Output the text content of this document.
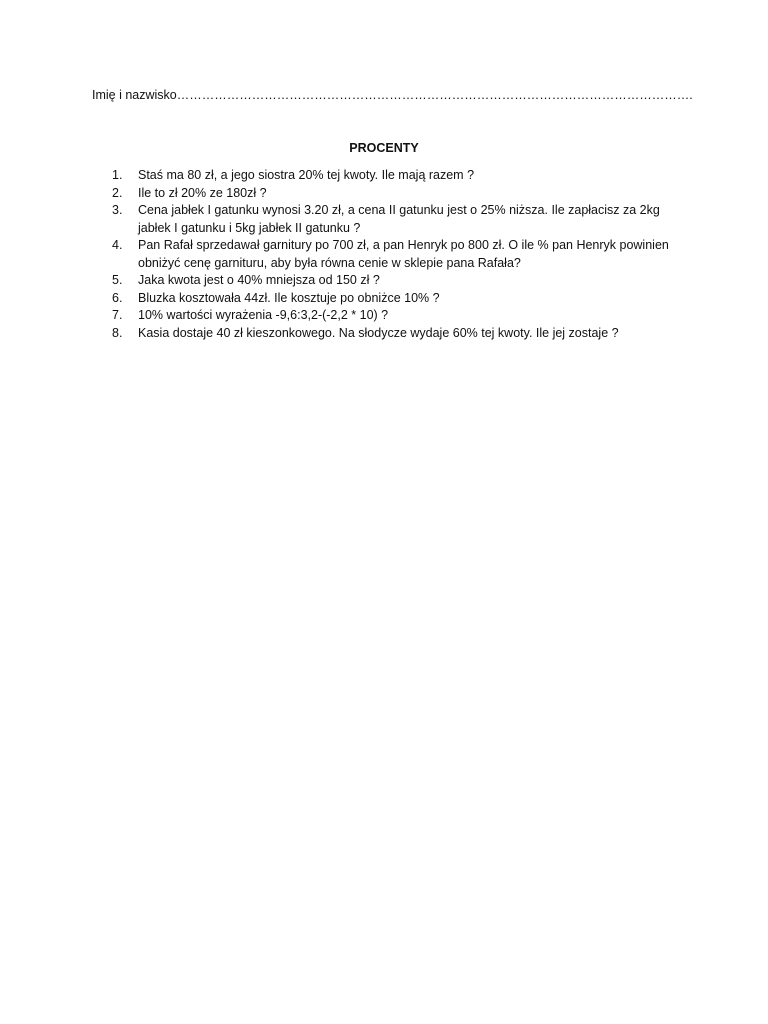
Imię i nazwisko…………………………………………………………………………………………………………….
PROCENTY
1.	Staś ma 80 zł, a jego siostra 20% tej kwoty. Ile mają razem ?
2.	Ile to zł 20% ze 180zł ?
3.	Cena jabłek I gatunku wynosi 3.20 zł, a cena II gatunku jest o 25% niższa. Ile zapłacisz za 2kg jabłek I gatunku i 5kg jabłek II gatunku ?
4.	Pan Rafał sprzedawał garnitury po 700 zł, a pan Henryk po 800 zł. O ile % pan Henryk powinien obniżyć cenę garnituru, aby była równa cenie w sklepie pana Rafała?
5.	Jaka kwota jest o 40% mniejsza od 150 zł ?
6.	Bluzka kosztowała 44zł. Ile kosztuje po obniżce 10% ?
7.	10% wartości wyrażenia -9,6:3,2-(-2,2 * 10) ?
8.	Kasia dostaje 40 zł kieszonkowego. Na słodycze wydaje 60% tej kwoty. Ile jej zostaje ?
